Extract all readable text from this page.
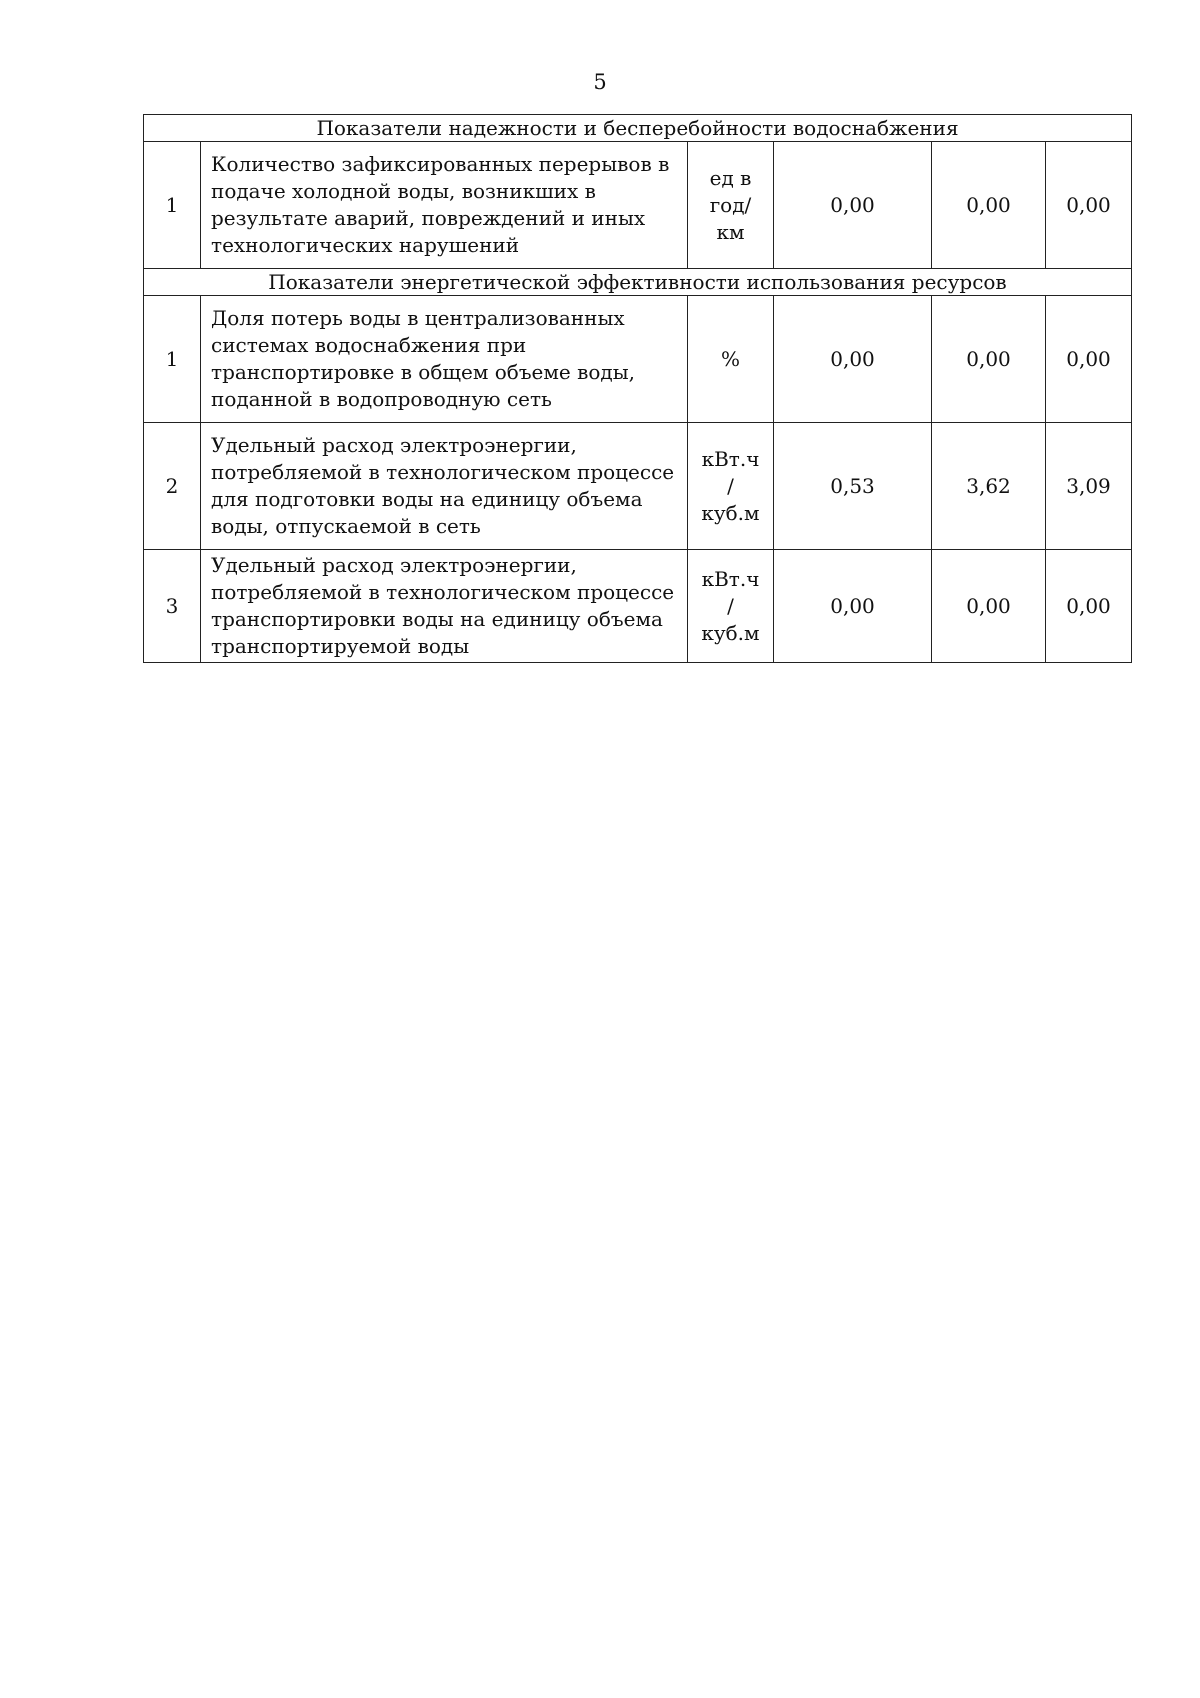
5
Показатели надежности и бесперебойности водоснабжения					
1	Количество зафиксированных перерывов в
подаче холодной воды, возникших в
результате аварий, повреждений и иных
технологических нарушений	ед в
год/
км	0,00	0,00	0,00
Показатели энергетической эффективности использования ресурсов					
1	Доля потерь воды в централизованных
системах водоснабжения при
транспортировке в общем объеме воды,
поданной в водопроводную сеть	%	0,00	0,00	0,00
2	Удельный расход электроэнергии,
потребляемой в технологическом процессе
для подготовки воды на единицу объема
воды, отпускаемой в сеть	кВт.ч
/
куб.м	0,53	3,62	3,09
3	Удельный расход электроэнергии,
потребляемой в технологическом процессе
транспортировки воды на единицу объема
транспортируемой воды	кВт.ч
/
куб.м	0,00	0,00	0,00
